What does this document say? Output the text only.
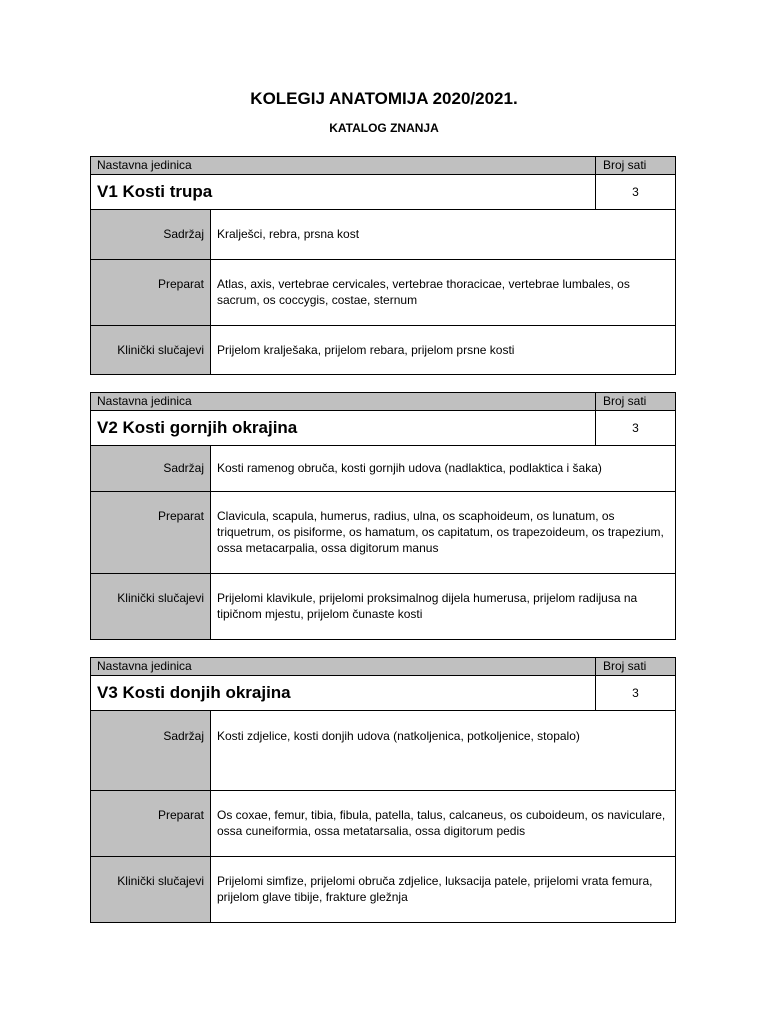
KOLEGIJ ANATOMIJA 2020/2021.
KATALOG ZNANJA
Nastavna jedinica	Broj sati
V1 Kosti trupa	3
Sadržaj	Kralješci, rebra, prsna kost
Preparat	Atlas, axis, vertebrae cervicales, vertebrae thoracicae, vertebrae lumbales, os sacrum, os coccygis, costae, sternum
Klinički slučajevi	Prijelom kralješaka, prijelom rebara, prijelom prsne kosti
Nastavna jedinica	Broj sati
V2 Kosti gornjih okrajina	3
Sadržaj	Kosti ramenog obruča, kosti gornjih udova (nadlaktica, podlaktica i šaka)
Preparat	Clavicula, scapula, humerus, radius, ulna, os scaphoideum, os lunatum, os triquetrum, os pisiforme, os hamatum, os capitatum, os trapezoideum, os trapezium, ossa metacarpalia, ossa digitorum manus
Klinički slučajevi	Prijelomi klavikule, prijelomi proksimalnog dijela humerusa, prijelom radijusa na tipičnom mjestu, prijelom čunaste kosti
Nastavna jedinica	Broj sati
V3 Kosti donjih okrajina	3
Sadržaj	Kosti zdjelice, kosti donjih udova (natkoljenica, potkoljenice, stopalo)
Preparat	Os coxae, femur, tibia, fibula, patella, talus, calcaneus, os cuboideum, os naviculare, ossa cuneiformia, ossa metatarsalia, ossa digitorum pedis
Klinički slučajevi	Prijelomi simfize, prijelomi obruča zdjelice, luksacija patele, prijelomi vrata femura, prijelom glave tibije, frakture gležnja
